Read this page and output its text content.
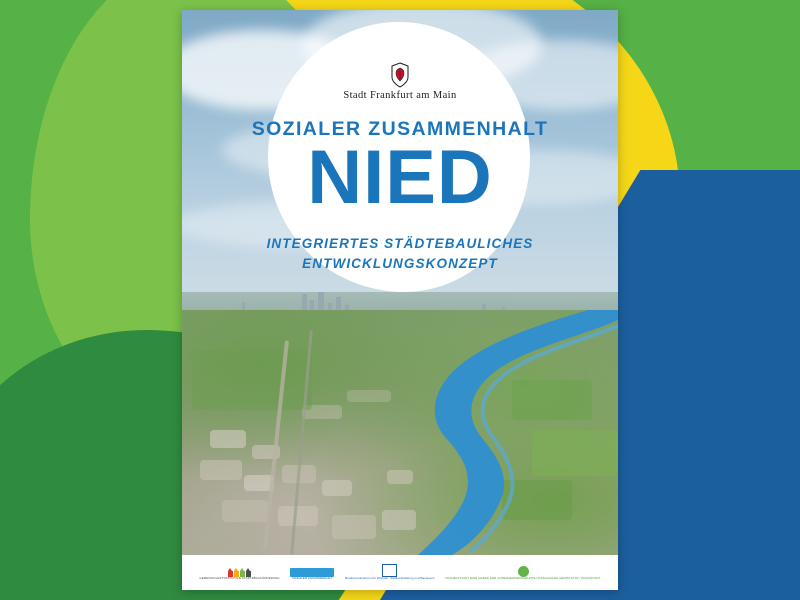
Stadt Frankfurt am Main
SOZIALER ZUSAMMENHALT
NIED
INTEGRIERTES STÄDTEBAULICHES
ENTWICKLUNGSKONZEPT
GEMEINSCHAFTSINITIATIVE STÄDTEBAUFÖRDERUNG	SOZIALER ZUSAMMENHALT	Bundesministerium für Wohnen, Stadtentwicklung und Bauwesen	PROJEKTSTADT EINE MARKE DER UNTERNEHMENSGRUPPE NASSAUISCHE HEIMSTÄTTE / WOHNSTADT
